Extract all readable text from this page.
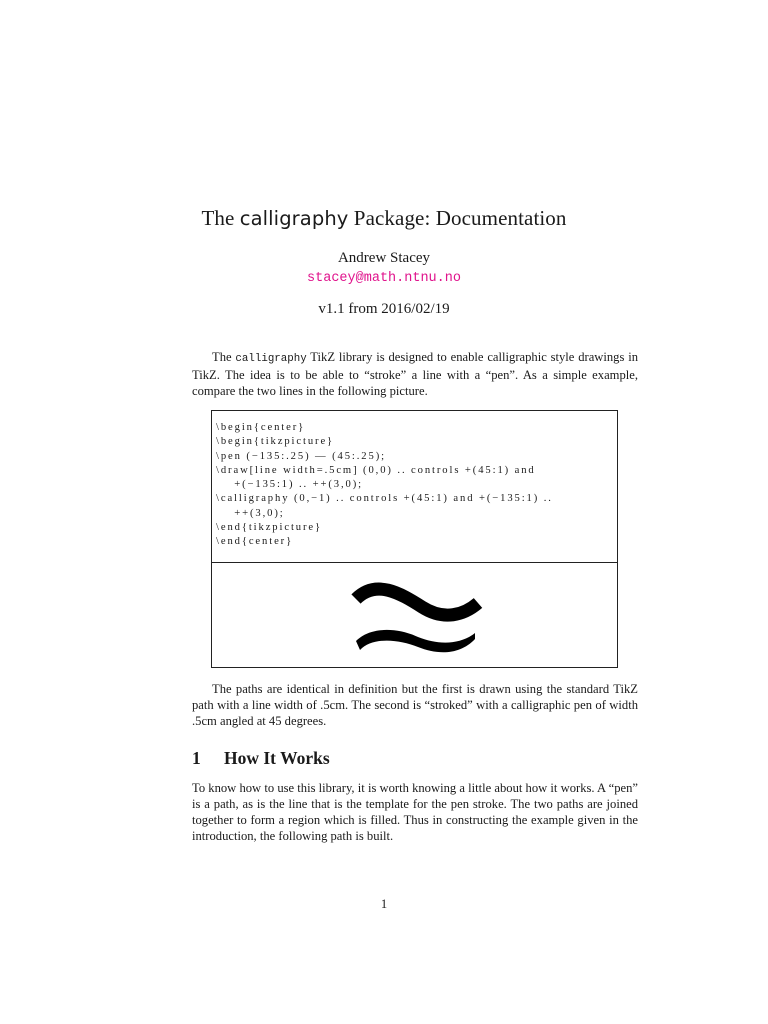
The calligraphy Package: Documentation
Andrew Stacey
stacey@math.ntnu.no
v1.1 from 2016/02/19
The calligraphy TikZ library is designed to enable calligraphic style drawings in TikZ. The idea is to be able to “stroke” a line with a “pen”. As a simple example, compare the two lines in the following picture.
\begin{center}
\begin{tikzpicture}
\pen (−135:.25) — (45:.25);
\draw[line width=.5cm] (0,0) .. controls +(45:1) and
+(−135:1) .. ++(3,0);
\calligraphy (0,−1) .. controls +(45:1) and +(−135:1) ..
++(3,0);
\end{tikzpicture}
\end{center}
The paths are identical in definition but the first is drawn using the standard TikZ path with a line width of .5cm. The second is “stroked” with a calligraphic pen of width .5cm angled at 45 degrees.
1 How It Works
To know how to use this library, it is worth knowing a little about how it works. A “pen” is a path, as is the line that is the template for the pen stroke. The two paths are joined together to form a region which is filled. Thus in constructing the example given in the introduction, the following path is built.
1
